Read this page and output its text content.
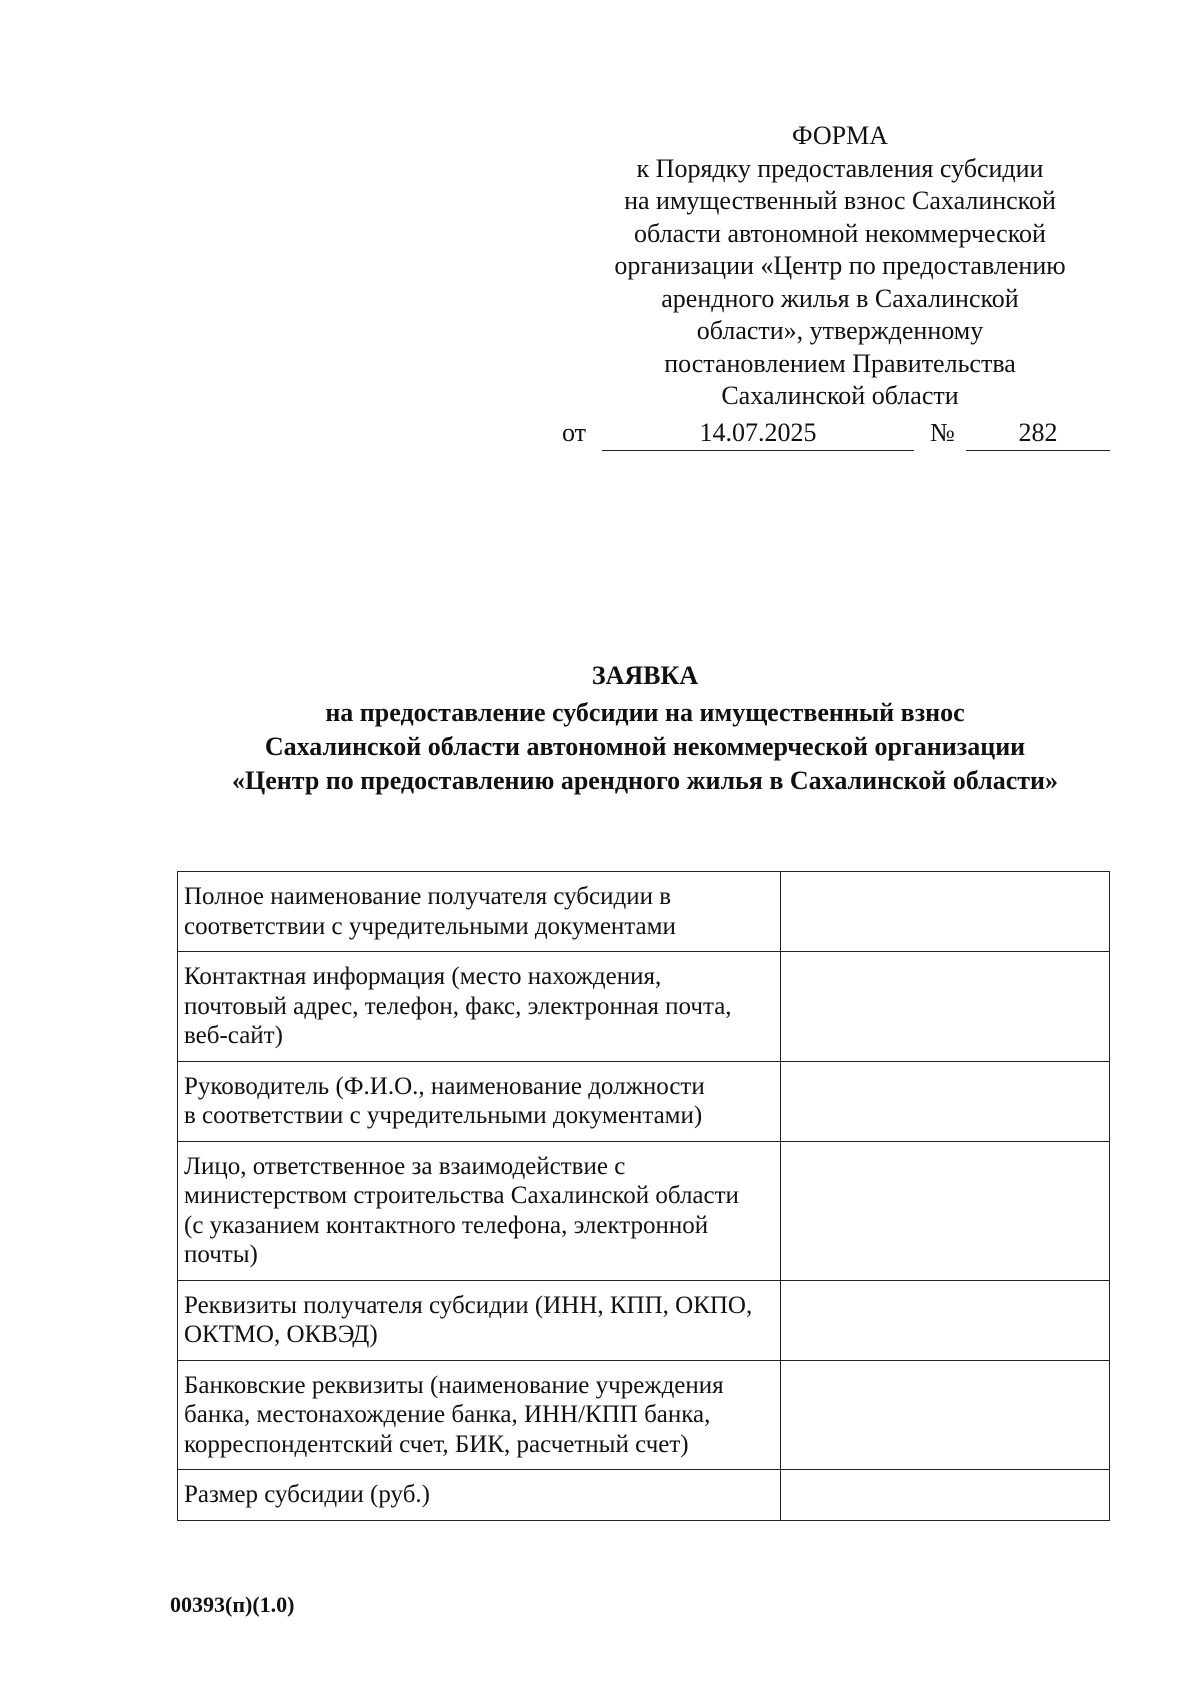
ФОРМА
к Порядку предоставления субсидии
на имущественный взнос Сахалинской
области автономной некоммерческой
организации «Центр по предоставлению
арендного жилья в Сахалинской
области», утвержденному
постановлением Правительства
Сахалинской области
от	14.07.2025	№	282
ЗАЯВКА
на предоставление субсидии на имущественный взнос
Сахалинской области автономной некоммерческой организации
«Центр по предоставлению арендного жилья в Сахалинской области»
Полное наименование получателя субсидии в
соответствии с учредительными документами	

Контактная информация (место нахождения,
почтовый адрес, телефон, факс, электронная почта,
веб-сайт)	

Руководитель (Ф.И.О., наименование должности
в соответствии с учредительными документами)	

Лицо, ответственное за взаимодействие с
министерством строительства Сахалинской области
(с указанием контактного телефона, электронной
почты)	

Реквизиты получателя субсидии (ИНН, КПП, ОКПО,
ОКТМО, ОКВЭД)	

Банковские реквизиты (наименование учреждения
банка, местонахождение банка, ИНН/КПП банка,
корреспондентский счет, БИК, расчетный счет)	

Размер субсидии (руб.)	

00393(п)(1.0)
